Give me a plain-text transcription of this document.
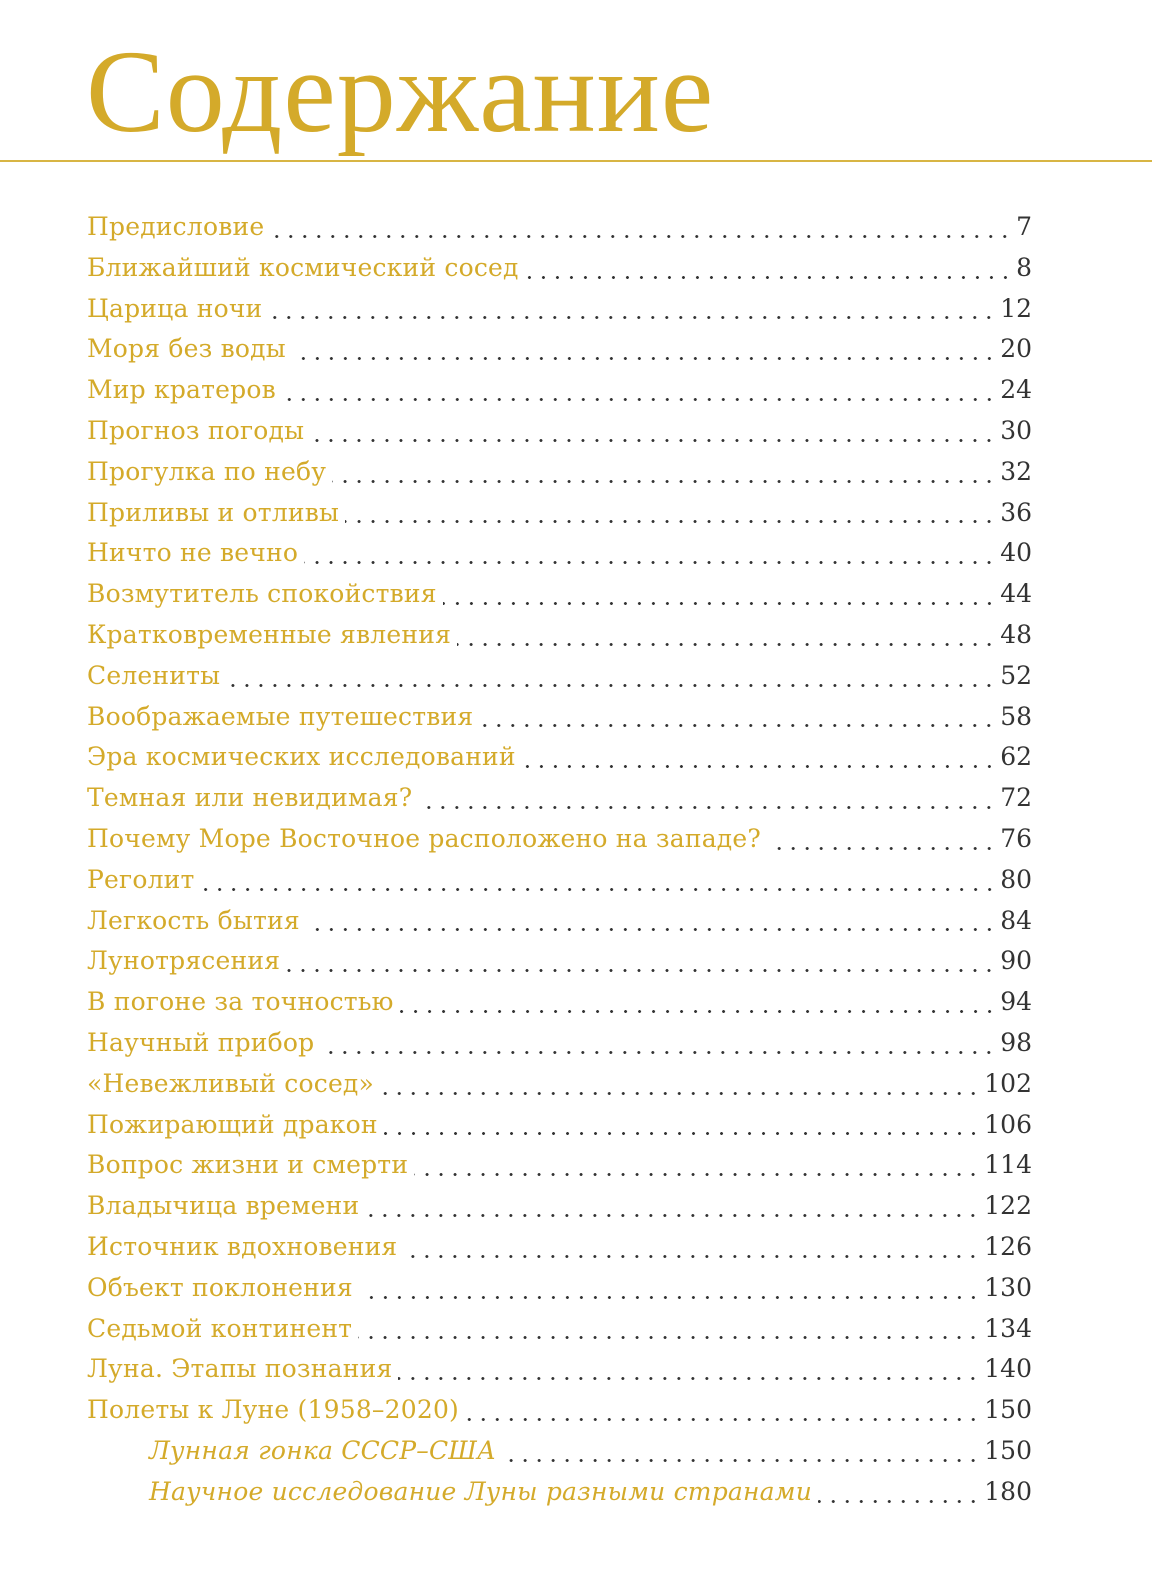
Содержание
Предисловие	7
Ближайший космический сосед	8
Царица ночи	12
Моря без воды	20
Мир кратеров	24
Прогноз погоды	30
Прогулка по небу	32
Приливы и отливы	36
Ничто не вечно	40
Возмутитель спокойствия	44
Кратковременные явления	48
Селениты	52
Воображаемые путешествия	58
Эра космических исследований	62
Темная или невидимая?	72
Почему Море Восточное расположено на западе?	76
Реголит	80
Легкость бытия	84
Лунотрясения	90
В погоне за точностью	94
Научный прибор	98
«Невежливый сосед»	102
Пожирающий дракон	106
Вопрос жизни и смерти	114
Владычица времени	122
Источник вдохновения	126
Объект поклонения	130
Седьмой континент	134
Луна. Этапы познания	140
Полеты к Луне (1958–2020)	150
Лунная гонка СССР–США	150
Научное исследование Луны разными странами	180
